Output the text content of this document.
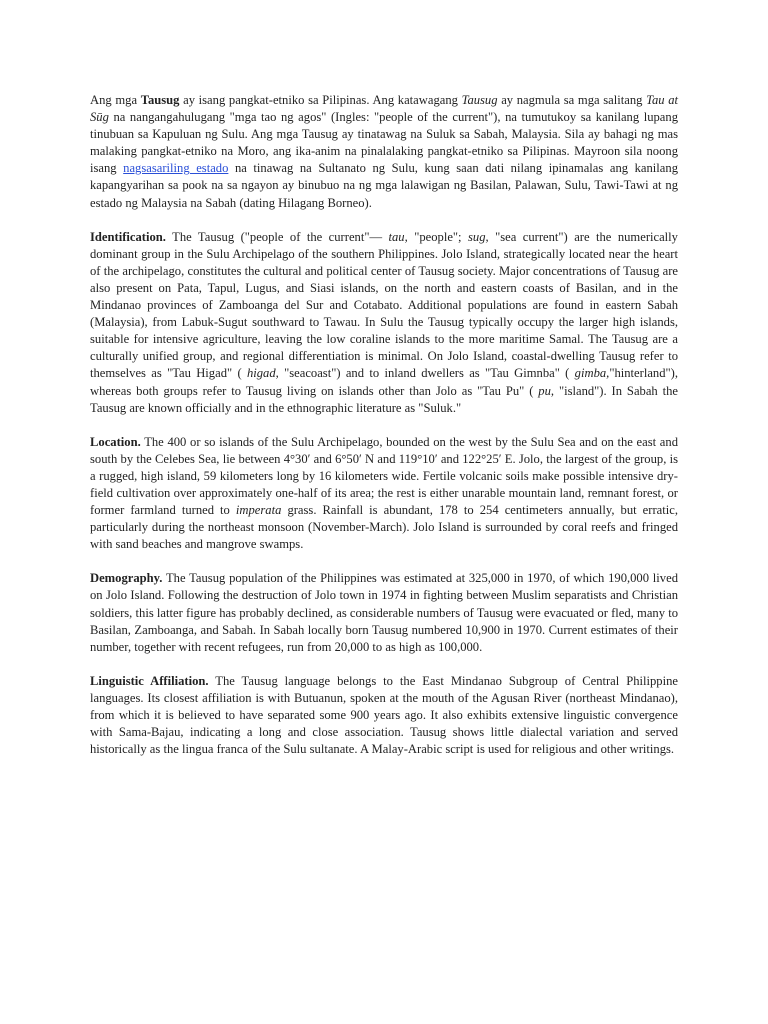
Ang mga Tausug ay isang pangkat-etniko sa Pilipinas. Ang katawagang Tausug ay nagmula sa mga salitang Tau at Sūg na nangangahulugang "mga tao ng agos" (Ingles: "people of the current"), na tumutukoy sa kanilang lupang tinubuan sa Kapuluan ng Sulu. Ang mga Tausug ay tinatawag na Suluk sa Sabah, Malaysia. Sila ay bahagi ng mas malaking pangkat-etniko na Moro, ang ika-anim na pinalalaking pangkat-etniko sa Pilipinas. Mayroon sila noong isang nagsasariling estado na tinawag na Sultanato ng Sulu, kung saan dati nilang ipinamalas ang kanilang kapangyarihan sa pook na sa ngayon ay binubuo na ng mga lalawigan ng Basilan, Palawan, Sulu, Tawi-Tawi at ng estado ng Malaysia na Sabah (dating Hilagang Borneo).

Identification. The Tausug ("people of the current"— tau, "people"; sug, "sea current") are the numerically dominant group in the Sulu Archipelago of the southern Philippines. Jolo Island, strategically located near the heart of the archipelago, constitutes the cultural and political center of Tausug society. Major concentrations of Tausug are also present on Pata, Tapul, Lugus, and Siasi islands, on the north and eastern coasts of Basilan, and in the Mindanao provinces of Zamboanga del Sur and Cotabato. Additional populations are found in eastern Sabah (Malaysia), from Labuk-Sugut southward to Tawau. In Sulu the Tausug typically occupy the larger high islands, suitable for intensive agriculture, leaving the low coraline islands to the more maritime Samal. The Tausug are a culturally unified group, and regional differentiation is minimal. On Jolo Island, coastal-dwelling Tausug refer to themselves as "Tau Higad" ( higad, "seacoast") and to inland dwellers as "Tau Gimnba" ( gimba,"hinterland"), whereas both groups refer to Tausug living on islands other than Jolo as "Tau Pu" ( pu, "island"). In Sabah the Tausug are known officially and in the ethnographic literature as "Suluk."

Location. The 400 or so islands of the Sulu Archipelago, bounded on the west by the Sulu Sea and on the east and south by the Celebes Sea, lie between 4°30′ and 6°50′ N and 119°10′ and 122°25′ E. Jolo, the largest of the group, is a rugged, high island, 59 kilometers long by 16 kilometers wide. Fertile volcanic soils make possible intensive dry-field cultivation over approximately one-half of its area; the rest is either unarable mountain land, remnant forest, or former farmland turned to imperata grass. Rainfall is abundant, 178 to 254 centimeters annually, but erratic, particularly during the northeast monsoon (November-March). Jolo Island is surrounded by coral reefs and fringed with sand beaches and mangrove swamps.

Demography. The Tausug population of the Philippines was estimated at 325,000 in 1970, of which 190,000 lived on Jolo Island. Following the destruction of Jolo town in 1974 in fighting between Muslim separatists and Christian soldiers, this latter figure has probably declined, as considerable numbers of Tausug were evacuated or fled, many to Basilan, Zamboanga, and Sabah. In Sabah locally born Tausug numbered 10,900 in 1970. Current estimates of their number, together with recent refugees, run from 20,000 to as high as 100,000.

Linguistic Affiliation. The Tausug language belongs to the East Mindanao Subgroup of Central Philippine languages. Its closest affiliation is with Butuanun, spoken at the mouth of the Agusan River (northeast Mindanao), from which it is believed to have separated some 900 years ago. It also exhibits extensive linguistic convergence with Sama-Bajau, indicating a long and close association. Tausug shows little dialectal variation and served historically as the lingua franca of the Sulu sultanate. A Malay-Arabic script is used for religious and other writings.
